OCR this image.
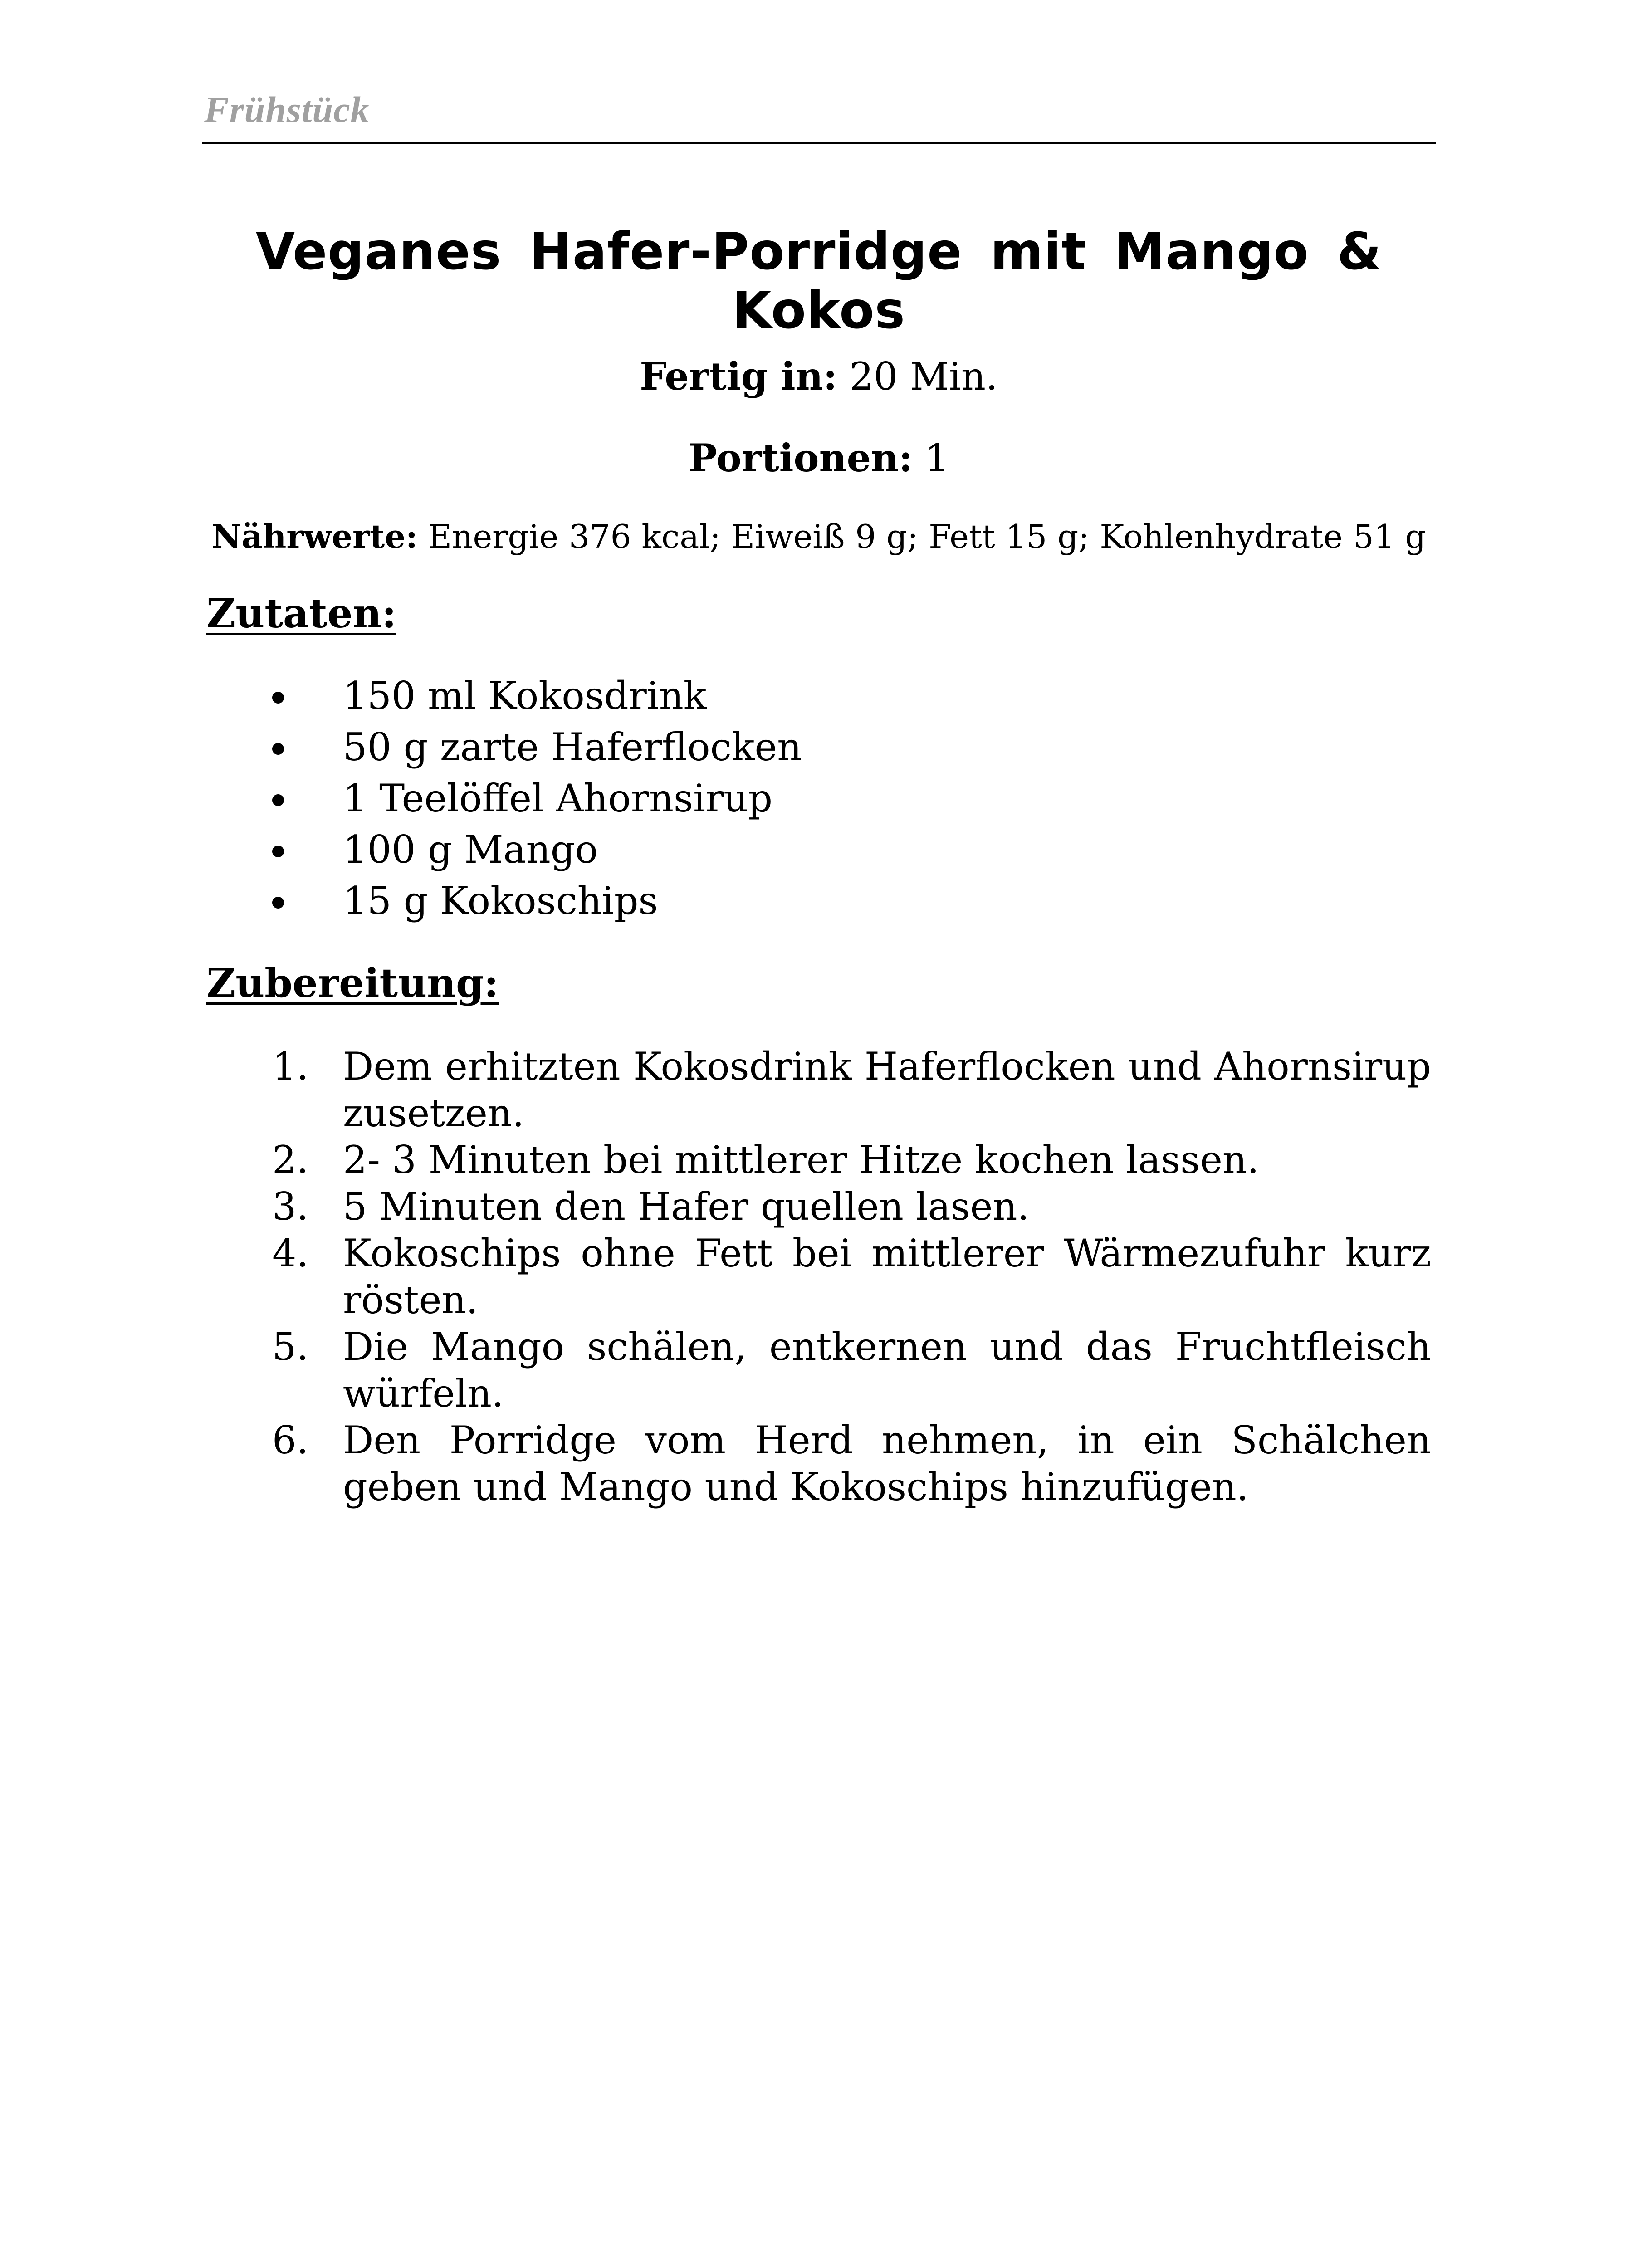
Frühstück
Veganes Hafer-Porridge mit Mango & Kokos
Fertig in: 20 Min.
Portionen: 1
Nährwerte: Energie 376 kcal; Eiweiß 9 g; Fett 15 g; Kohlenhydrate 51 g
Zutaten:
150 ml Kokosdrink
50 g zarte Haferflocken
1 Teelöffel Ahornsirup
100 g Mango
15 g Kokoschips
Zubereitung:
1. Dem erhitzten Kokosdrink Haferflocken und Ahornsirup zusetzen.
2. 2- 3 Minuten bei mittlerer Hitze kochen lassen.
3. 5 Minuten den Hafer quellen lasen.
4. Kokoschips ohne Fett bei mittlerer Wärmezufuhr kurz rösten.
5. Die Mango schälen, entkernen und das Fruchtfleisch würfeln.
6. Den Porridge vom Herd nehmen, in ein Schälchen geben und Mango und Kokoschips hinzufügen.
